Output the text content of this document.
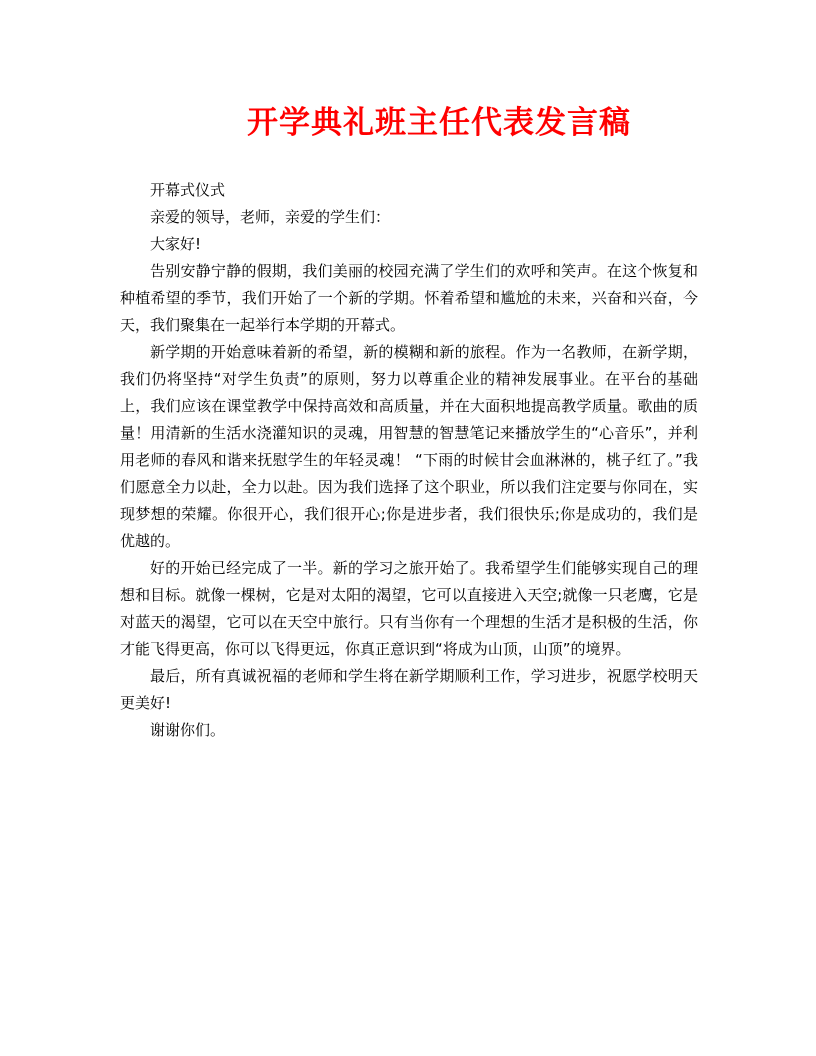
开学典礼班主任代表发言稿

开幕式仪式

亲爱的领导，老师，亲爱的学生们：

大家好!

告别安静宁静的假期，我们美丽的校园充满了学生们的欢呼和笑声。在这个恢复和种植希望的季节，我们开始了一个新的学期。怀着希望和尴尬的未来，兴奋和兴奋，今天，我们聚集在一起举行本学期的开幕式。

新学期的开始意味着新的希望，新的模糊和新的旅程。作为一名教师，在新学期，我们仍将坚持“对学生负责”的原则，努力以尊重企业的精神发展事业。在平台的基础上，我们应该在课堂教学中保持高效和高质量，并在大面积地提高教学质量。歌曲的质量！用清新的生活水浇灌知识的灵魂，用智慧的智慧笔记来播放学生的“心音乐”，并利用老师的春风和谐来抚慰学生的年轻灵魂！ “下雨的时候甘会血淋淋的，桃子红了。”我们愿意全力以赴，全力以赴。因为我们选择了这个职业，所以我们注定要与你同在，实现梦想的荣耀。你很开心，我们很开心;你是进步者，我们很快乐;你是成功的，我们是优越的。

好的开始已经完成了一半。新的学习之旅开始了。我希望学生们能够实现自己的理想和目标。就像一棵树，它是对太阳的渴望，它可以直接进入天空;就像一只老鹰，它是对蓝天的渴望，它可以在天空中旅行。只有当你有一个理想的生活才是积极的生活，你才能飞得更高，你可以飞得更远，你真正意识到“将成为山顶，山顶”的境界。

最后，所有真诚祝福的老师和学生将在新学期顺利工作，学习进步，祝愿学校明天更美好!

谢谢你们。
